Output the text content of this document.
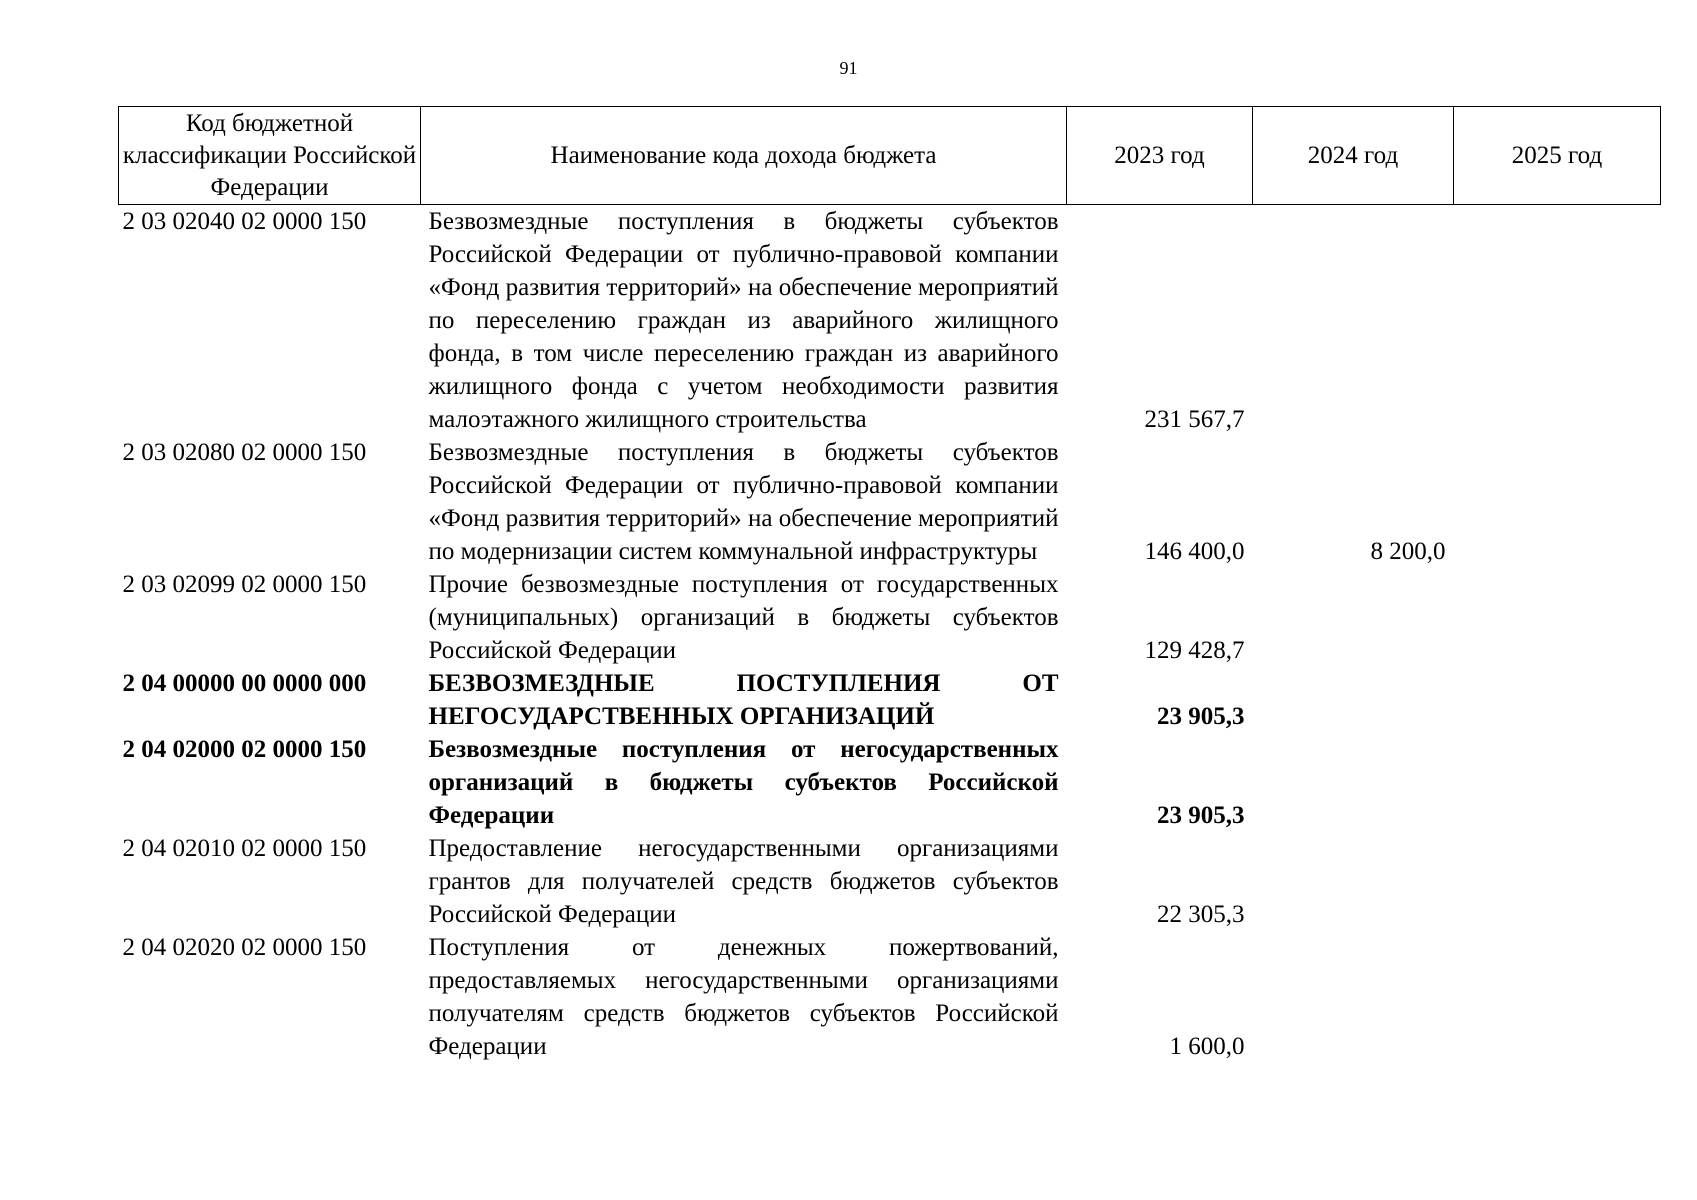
91
Код бюджетной классификации Российской Федерации	Наименование кода дохода бюджета	2023 год	2024 год	2025 год
2 03 02040 02 0000 150	Безвозмездные поступления в бюджеты субъектов Российской Федерации от публично-правовой компании «Фонд развития территорий» на обеспечение мероприятий по переселению граждан из аварийного жилищного фонда, в том числе переселению граждан из аварийного жилищного фонда с учетом необходимости развития малоэтажного жилищного строительства	231 567,7		
2 03 02080 02 0000 150	Безвозмездные поступления в бюджеты субъектов Российской Федерации от публично-правовой компании «Фонд развития территорий» на обеспечение мероприятий по модернизации систем коммунальной инфраструктуры	146 400,0	8 200,0	
2 03 02099 02 0000 150	Прочие безвозмездные поступления от государственных (муниципальных) организаций в бюджеты субъектов Российской Федерации	129 428,7		
2 04 00000 00 0000 000	БЕЗВОЗМЕЗДНЫЕ ПОСТУПЛЕНИЯ ОТ НЕГОСУДАРСТВЕННЫХ ОРГАНИЗАЦИЙ	23 905,3		
2 04 02000 02 0000 150	Безвозмездные поступления от негосударственных организаций в бюджеты субъектов Российской Федерации	23 905,3		
2 04 02010 02 0000 150	Предоставление негосударственными организациями грантов для получателей средств бюджетов субъектов Российской Федерации	22 305,3		
2 04 02020 02 0000 150	Поступления от денежных пожертвований, предоставляемых негосударственными организациями получателям средств бюджетов субъектов Российской Федерации	1 600,0		
